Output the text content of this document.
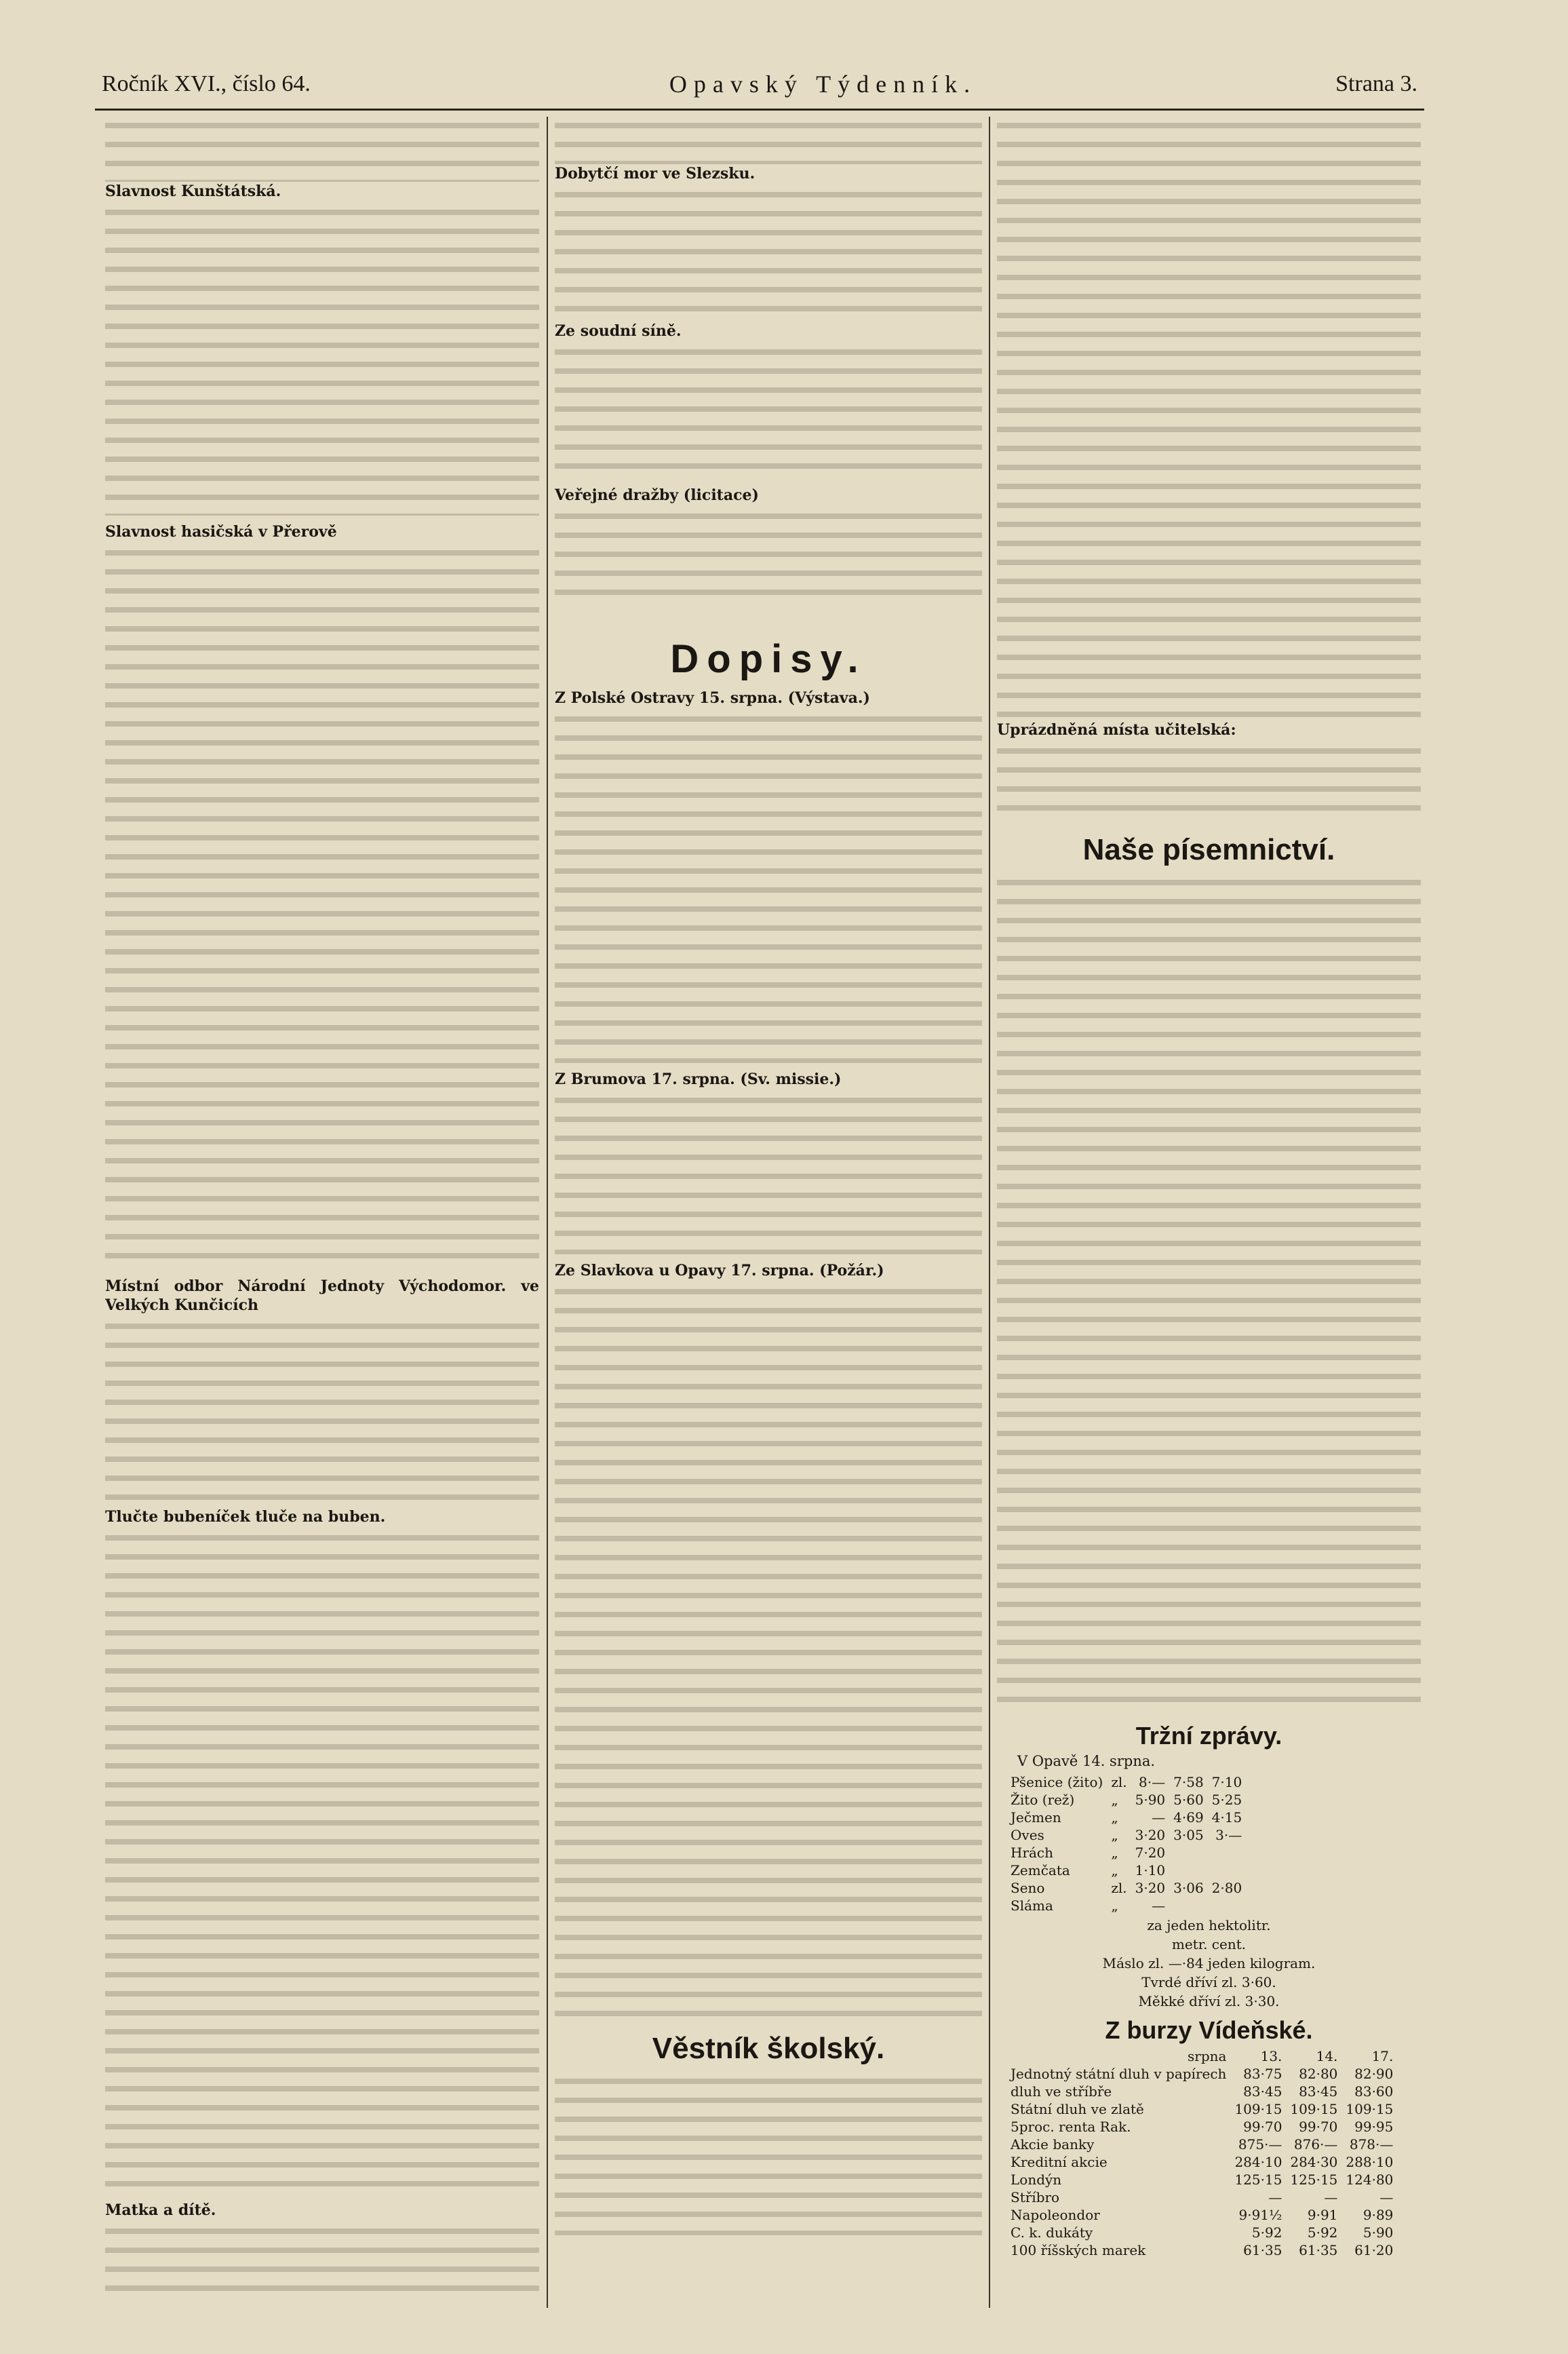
Ročník XVI., číslo 64.	Opavský Týdenník.	Strana 3.

Slavnost Kunštátská.

Slavnost hasičská v Přerově

Místní odbor Národní Jednoty Východomor. ve Velkých Kunčicích

Tlučte bubeníček tluče na buben.

Matka a dítě.

Dobytčí mor ve Slezsku.

Ze soudní síně.

Veřejné dražby (licitace)

Dopisy.

Z Polské Ostravy 15. srpna. (Výstava.)

Z Brumova 17. srpna. (Sv. missie.)

Ze Slavkova u Opavy 17. srpna. (Požár.)

Věstník školský.

Uprázdněná místa učitelská:

Naše písemnictví.
Tržní zprávy.
V Opavě 14. srpna.
Pšenice (žito)	zl.	8·—	7·58	7·10
Žito (rež)	„	5·90	5·60	5·25
Ječmen	„	—	4·69	4·15
Oves	„	3·20	3·05	3·—
Hrách	„	7·20		
Zemčata	„	1·10		
Seno	zl.	3·20	3·06	2·80
Sláma	„	—		
za jeden hektolitr.
metr. cent.
Máslo zl. —·84 jeden kilogram.
Tvrdé dříví zl. 3·60.
Měkké dříví zl. 3·30.
Z burzy Vídeňské.
srpna	13.	14.	17.
Jednotný státní dluh v papírech	83·75	82·80	82·90
dluh ve stříbře	83·45	83·45	83·60
Státní dluh ve zlatě	109·15	109·15	109·15
5proc. renta Rak.	99·70	99·70	99·95
Akcie banky	875·—	876·—	878·—
Kreditní akcie	284·10	284·30	288·10
Londýn	125·15	125·15	124·80
Stříbro	—	—	—
Napoleondor	9·91½	9·91	9·89
C. k. dukáty	5·92	5·92	5·90
100 říšských marek	61·35	61·35	61·20
